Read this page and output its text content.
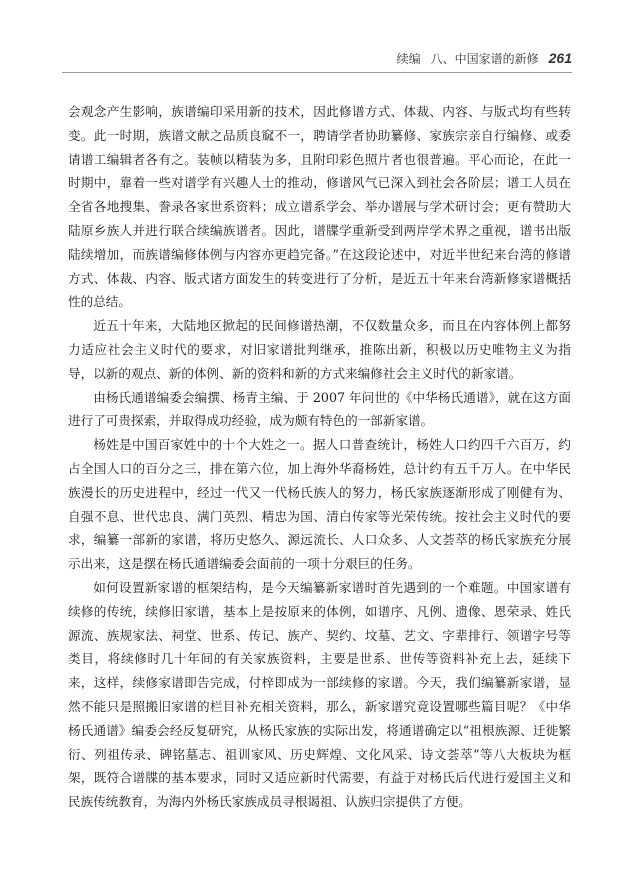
续编 八、中国家谱的新修 261

会观念产生影响，族谱编印采用新的技术，因此修谱方式、体裁、内容、与版式均有些转变。此一时期，族谱文献之品质良窳不一，聘请学者协助纂修、家族宗亲自行编修、或委请谱工编辑者各有之。装帧以精装为多，且附印彩色照片者也很普遍。平心而论，在此一时期中，靠着一些对谱学有兴趣人士的推动，修谱风气已深入到社会各阶层；谱工人员在全省各地搜集、誊录各家世系资料；成立谱系学会、举办谱展与学术研讨会；更有赞助大陆原乡族人并进行联合续编族谱者。因此，谱牒学重新受到两岸学术界之重视，谱书出版陆续增加，而族谱编修体例与内容亦更趋完备。”在这段论述中，对近半世纪来台湾的修谱方式、体裁、内容、版式诸方面发生的转变进行了分析，是近五十年来台湾新修家谱概括性的总结。

近五十年来，大陆地区掀起的民间修谱热潮，不仅数量众多，而且在内容体例上都努力适应社会主义时代的要求，对旧家谱批判继承，推陈出新，积极以历史唯物主义为指导，以新的观点、新的体例、新的资料和新的方式来编修社会主义时代的新家谱。

由杨氏通谱编委会编撰、杨青主编、于 2007 年问世的《中华杨氏通谱》，就在这方面进行了可贵探索，并取得成功经验，成为颇有特色的一部新家谱。

杨姓是中国百家姓中的十个大姓之一。据人口普查统计，杨姓人口约四千六百万，约占全国人口的百分之三，排在第六位，加上海外华裔杨姓，总计约有五千万人。在中华民族漫长的历史进程中，经过一代又一代杨氏族人的努力，杨氏家族逐渐形成了刚健有为、自强不息、世代忠良、满门英烈、精忠为国、清白传家等光荣传统。按社会主义时代的要求，编纂一部新的家谱，将历史悠久、源远流长、人口众多、人文荟萃的杨氏家族充分展示出来，这是摆在杨氏通谱编委会面前的一项十分艰巨的任务。

如何设置新家谱的框架结构，是今天编纂新家谱时首先遇到的一个难题。中国家谱有续修的传统，续修旧家谱，基本上是按原来的体例，如谱序、凡例、遗像、恩荣录、姓氏源流、族规家法、祠堂、世系、传记、族产、契约、坟墓、艺文、字辈排行、领谱字号等类目，将续修时几十年间的有关家族资料，主要是世系、世传等资料补充上去，延续下来，这样，续修家谱即告完成，付梓即成为一部续修的家谱。今天，我们编纂新家谱，显然不能只是照搬旧家谱的栏目补充相关资料，那么，新家谱究竟设置哪些篇目呢？《中华杨氏通谱》编委会经反复研究，从杨氏家族的实际出发，将通谱确定以“祖根族源、迁徙繁衍、列祖传录、碑铭墓志、祖训家风、历史辉煌、文化风采、诗文荟萃”等八大板块为框架，既符合谱牒的基本要求，同时又适应新时代需要，有益于对杨氏后代进行爱国主义和民族传统教育，为海内外杨氏家族成员寻根谒祖、认族归宗提供了方便。
